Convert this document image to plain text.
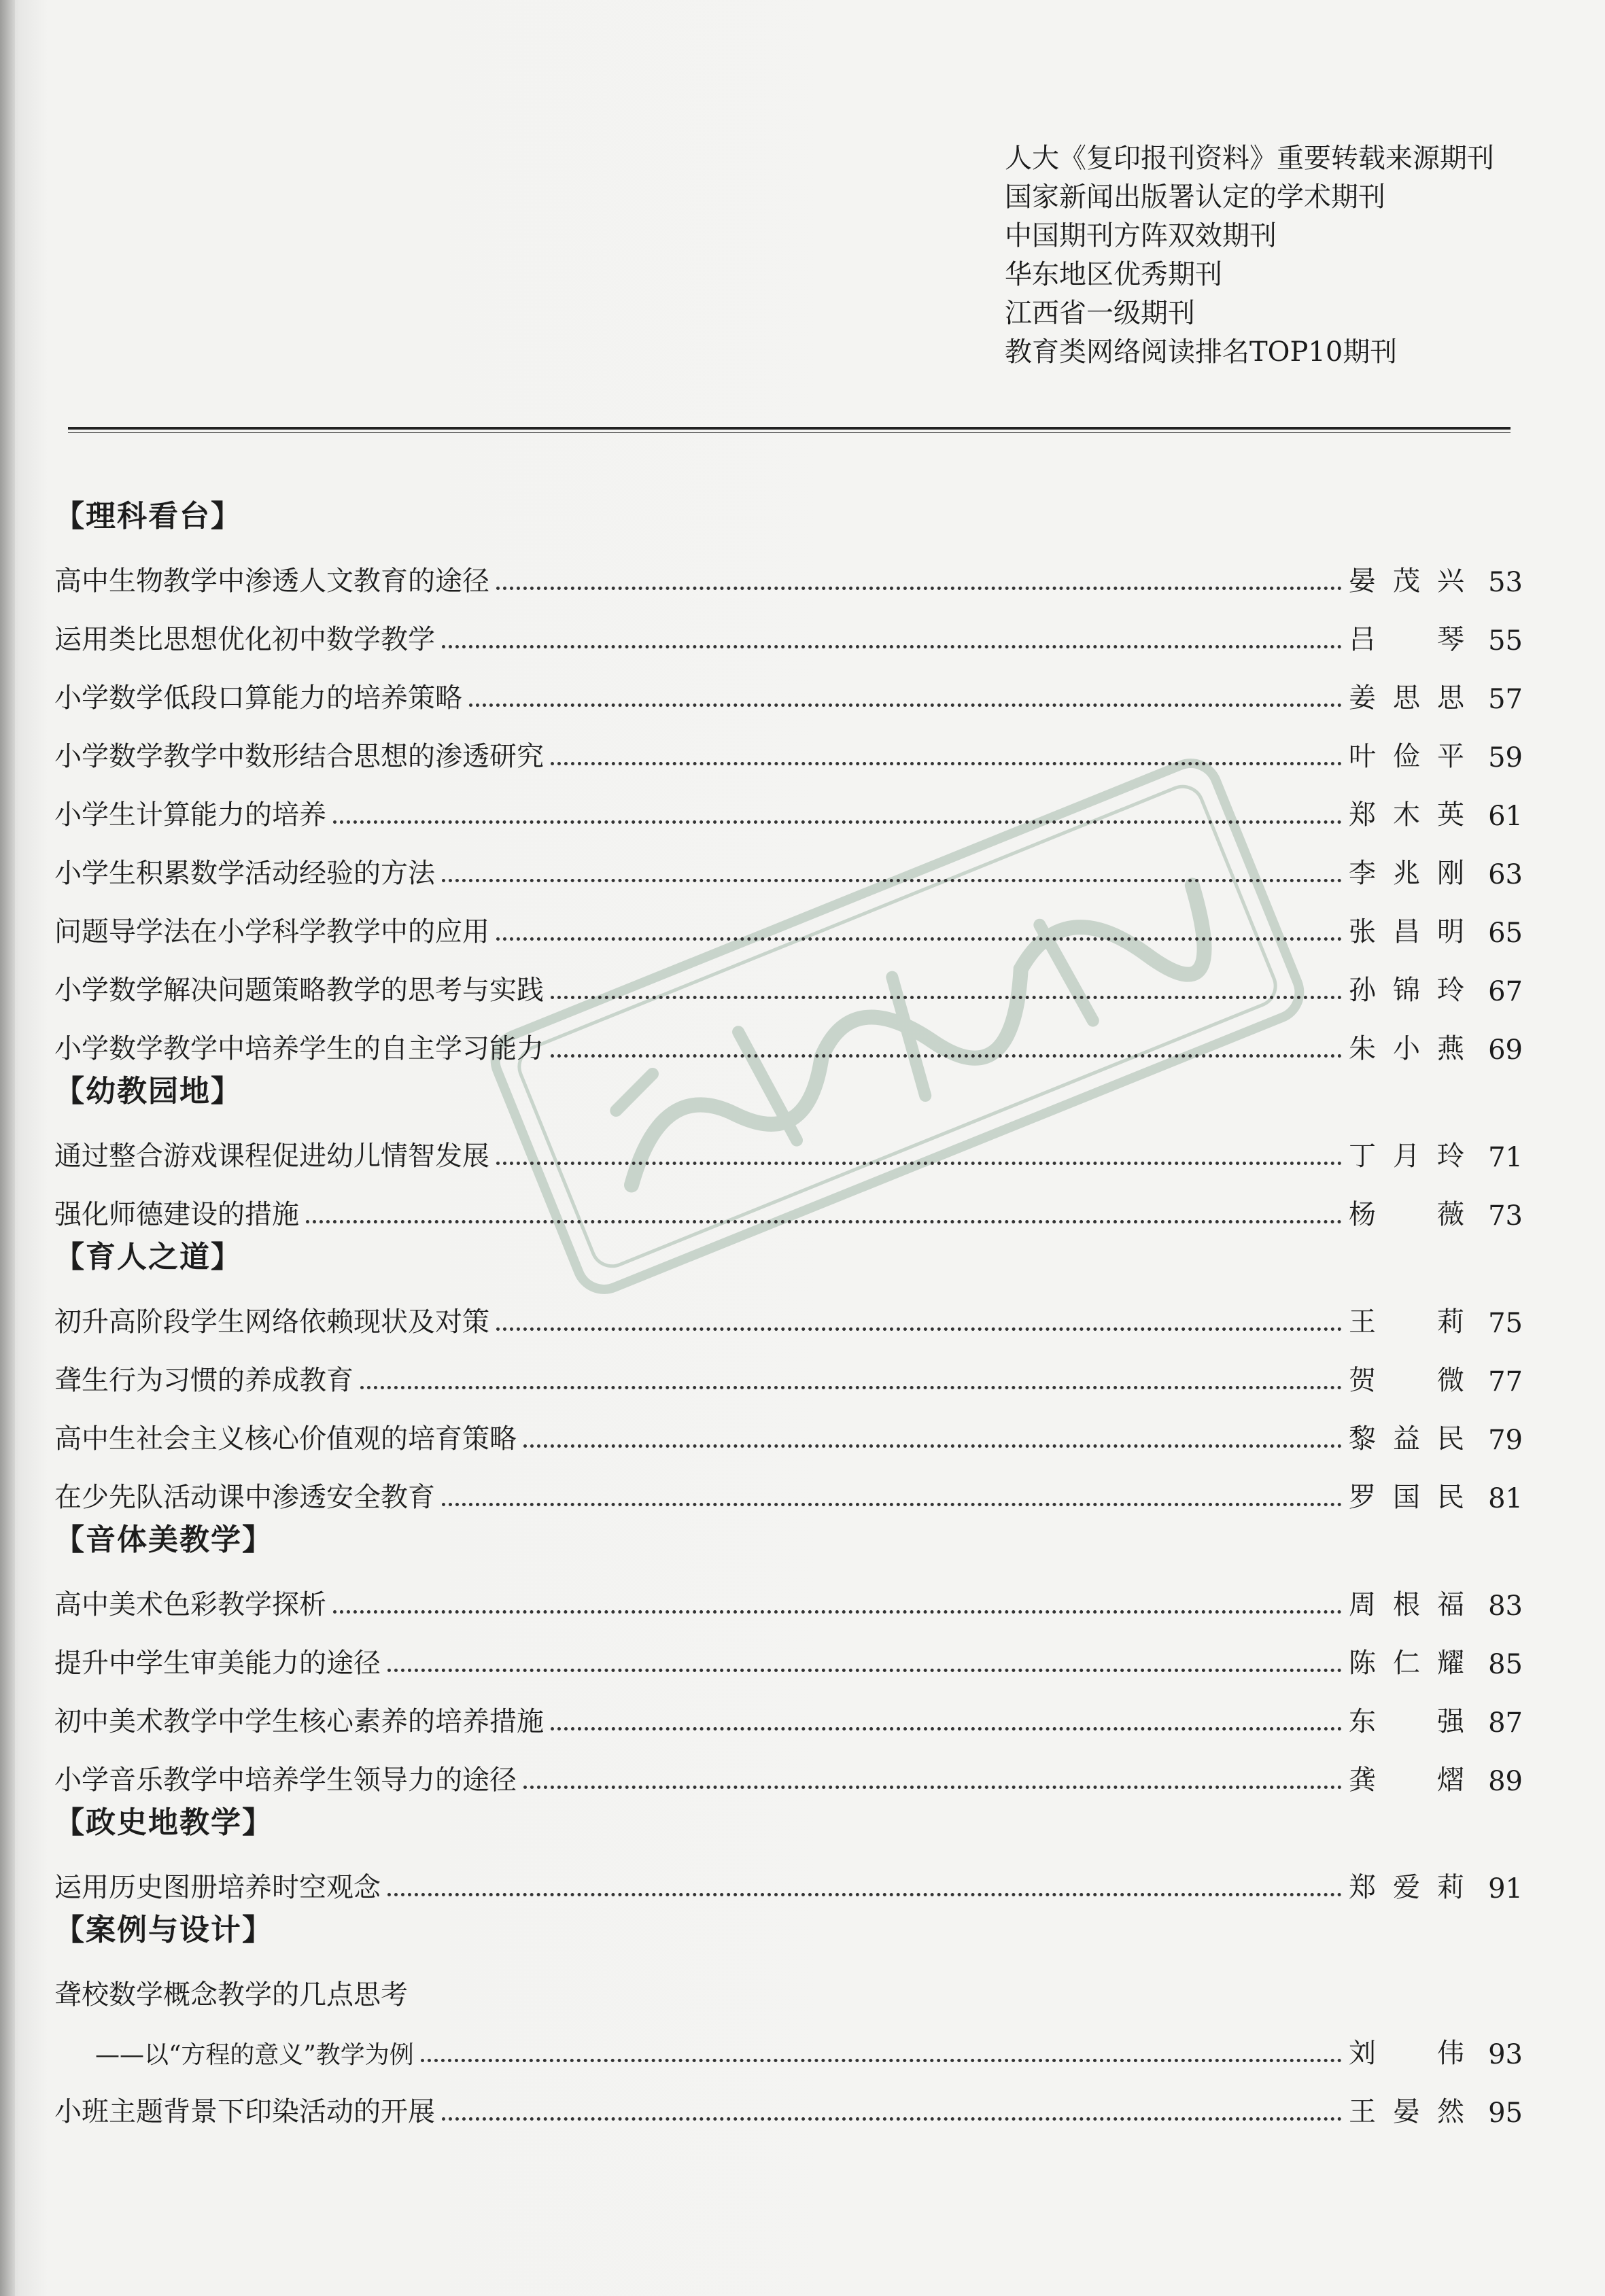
人大《复印报刊资料》重要转载来源期刊
国家新闻出版署认定的学术期刊
中国期刊方阵双效期刊
华东地区优秀期刊
江西省一级期刊
教育类网络阅读排名TOP10期刊
【理科看台】
高中生物教学中渗透人文教育的途径	晏茂兴 53
运用类比思想优化初中数学教学	吕琴 55
小学数学低段口算能力的培养策略	姜思思 57
小学数学教学中数形结合思想的渗透研究	叶俭平 59
小学生计算能力的培养	郑木英 61
小学生积累数学活动经验的方法	李兆刚 63
问题导学法在小学科学教学中的应用	张昌明 65
小学数学解决问题策略教学的思考与实践	孙锦玲 67
小学数学教学中培养学生的自主学习能力	朱小燕 69
【幼教园地】
通过整合游戏课程促进幼儿情智发展	丁月玲 71
强化师德建设的措施	杨薇 73
【育人之道】
初升高阶段学生网络依赖现状及对策	王莉 75
聋生行为习惯的养成教育	贺微 77
高中生社会主义核心价值观的培育策略	黎益民 79
在少先队活动课中渗透安全教育	罗国民 81
【音体美教学】
高中美术色彩教学探析	周根福 83
提升中学生审美能力的途径	陈仁耀 85
初中美术教学中学生核心素养的培养措施	东强 87
小学音乐教学中培养学生领导力的途径	龚熠 89
【政史地教学】
运用历史图册培养时空观念	郑爱莉 91
【案例与设计】
聋校数学概念教学的几点思考
——以“方程的意义”教学为例	刘伟 93
小班主题背景下印染活动的开展	王晏然 95
